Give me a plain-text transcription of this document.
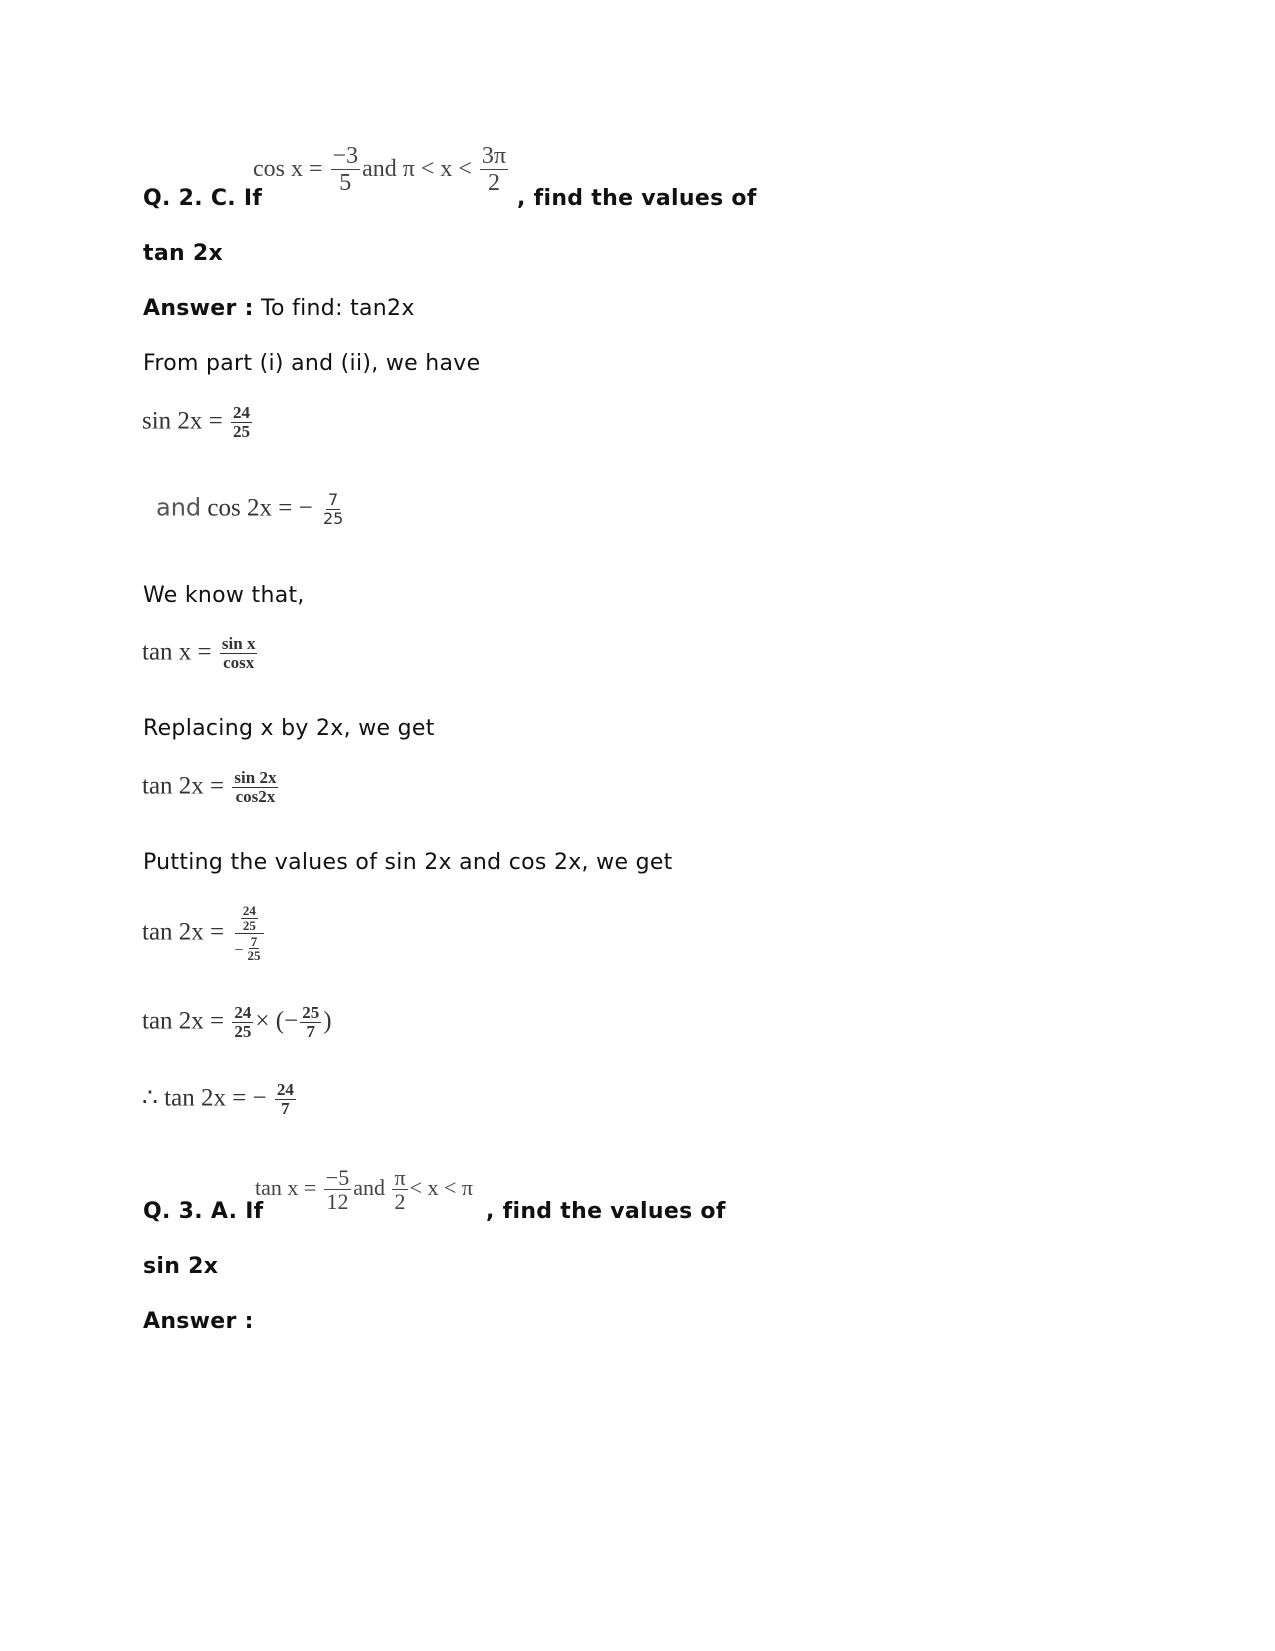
Q. 2. C. If
$\cos x = \frac{-3}{5}$ and $\pi < x < \frac{3\pi}{2}$
, find the values of
tan 2x
Answer : To find: tan2x
From part (i) and (ii), we have
$\sin 2x = \frac{24}{25}$
and cos 2x = − $\frac{7}{25}$
We know that,
$\tan x = \frac{\text{sin x}}{\cos x}$
Replacing x by 2x, we get
$\tan 2x = \frac{\sin 2x}{\cos 2x}$
Putting the values of sin 2x and cos 2x, we get
$\tan 2x = \frac{\frac{24}{25}}{- \frac{7}{25}}$
$\tan 2x = \frac{24}{25}$ × (− $\frac{25}{7}$ )
∴ tan 2x = − $\frac{24}{7}$
Q. 3. A. If
$\tan x = \frac{-5}{12}$ and $\frac{\pi}{2} < x < \pi$
, find the values of
sin 2x
Answer :
